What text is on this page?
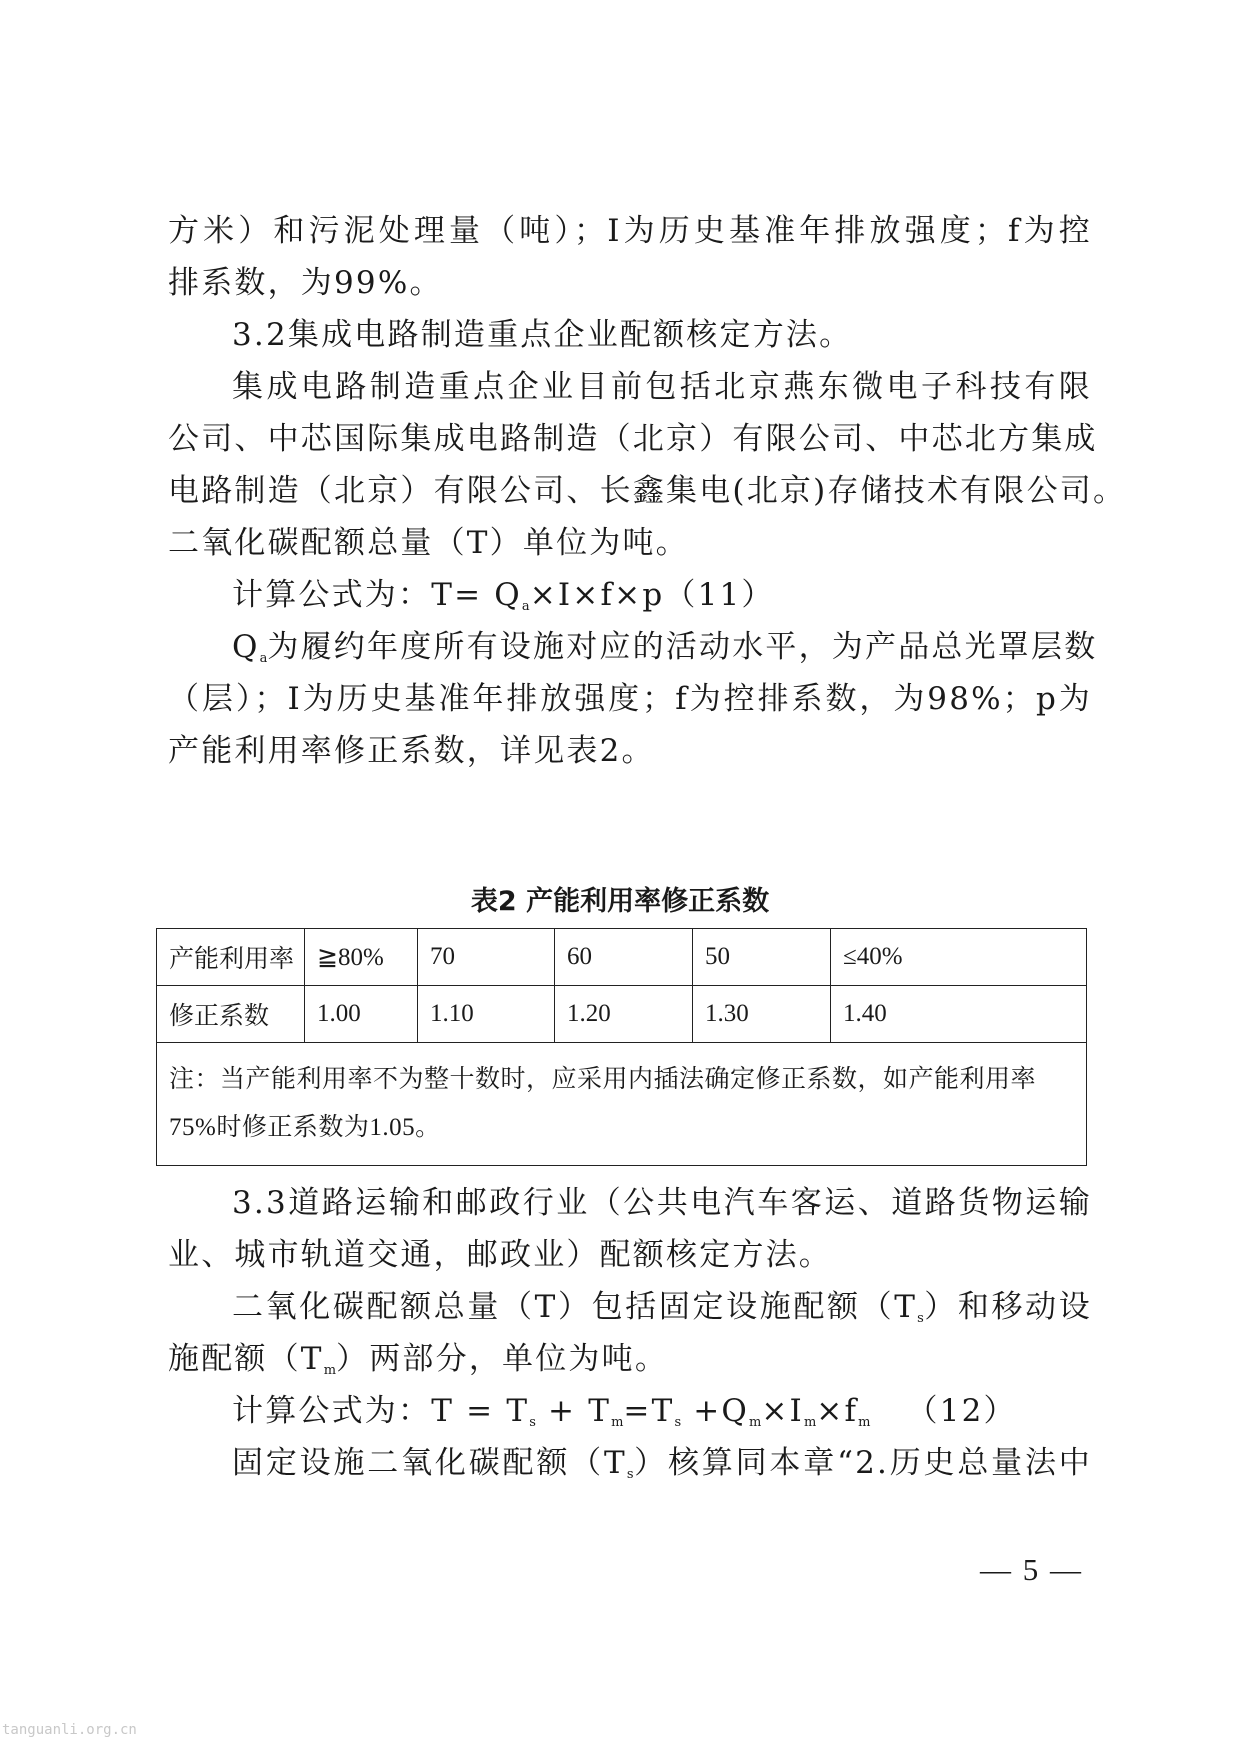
方米）和污泥处理量（吨）；I为历史基准年排放强度；f为控
排系数，为99%。
3.2集成电路制造重点企业配额核定方法。
集成电路制造重点企业目前包括北京燕东微电子科技有限
公司、中芯国际集成电路制造（北京）有限公司、中芯北方集成
电路制造（北京）有限公司、长鑫集电(北京)存储技术有限公司。
二氧化碳配额总量（T）单位为吨。
计算公式为：$T= Q_a\times I\times f\times p(11)$
$Q_a$为履约年度所有设施对应的活动水平，为产品总光罩层数
（层）；I为历史基准年排放强度；f为控排系数，为98%；p为
产能利用率修正系数，详见表2。
表2 产能利用率修正系数
产能利用率	≧80%	70	60	50	≤40%
修正系数	1.00	1.10	1.20	1.30	1.40
注：当产能利用率不为整十数时，应采用内插法确定修正系数，如产能利用率75%时修正系数为1.05。					
3.3道路运输和邮政行业（公共电汽车客运、道路货物运输
业、城市轨道交通，邮政业）配额核定方法。
二氧化碳配额总量（T）包括固定设施配额$(T_s)$和移动设
施配额$(T_m)$两部分，单位为吨。
计算公式为：$T = T_s + T_m=T_s +Q_m\times I_m\times f_m$ （12）
固定设施二氧化碳配额$(T_s)$核算同本章“2.历史总量法中
— 5 —
tanguanli.org.cn
